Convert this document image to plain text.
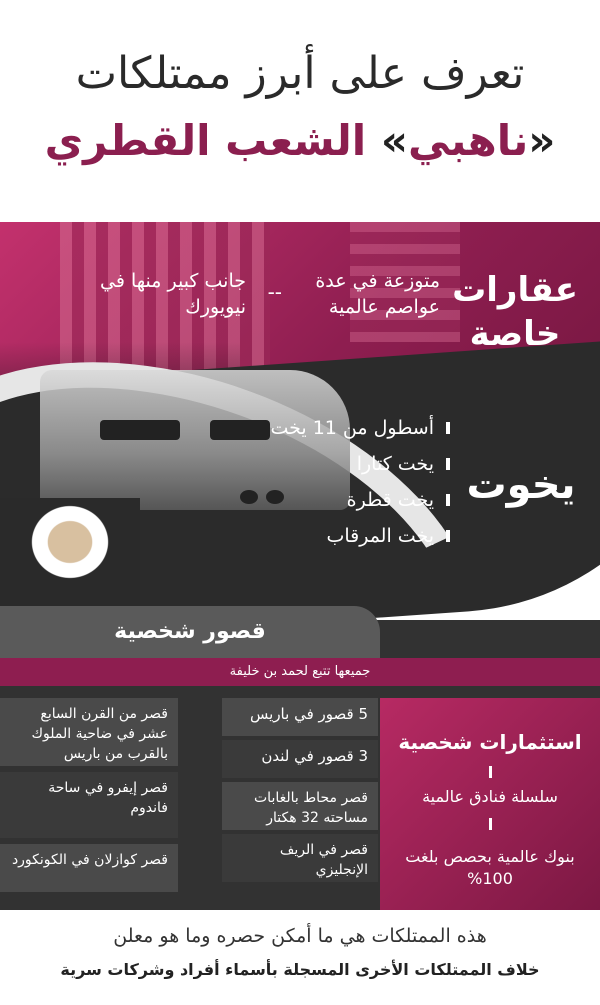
تعرف على أبرز ممتلكات
«ناهبي» الشعب القطري
عقارات خاصة
متوزعة في عدة عواصم عالمية
--
جانب كبير منها في نيويورك
يخوت
أسطول من 11 يخت
يخت كتارا
يخت قطرة
يخت المرقاب
قصور شخصية
جميعها تتبع لحمد بن خليفة
استثمارات شخصية
سلسلة فنادق عالمية
بنوك عالمية بحصص بلغت 100%
5 قصور في باريس
3 قصور في لندن
قصر محاط بالغابات مساحته 32 هكتار
قصر في الريف الإنجليزي
قصر من القرن السابع عشر في ضاحية الملوك بالقرب من باريس
قصر إيفرو في ساحة فاندوم
قصر كوازلان في الكونكورد
هذه الممتلكات هي ما أمكن حصره وما هو معلن
خلاف الممتلكات الأخرى المسجلة بأسماء أفراد وشركات سرية
